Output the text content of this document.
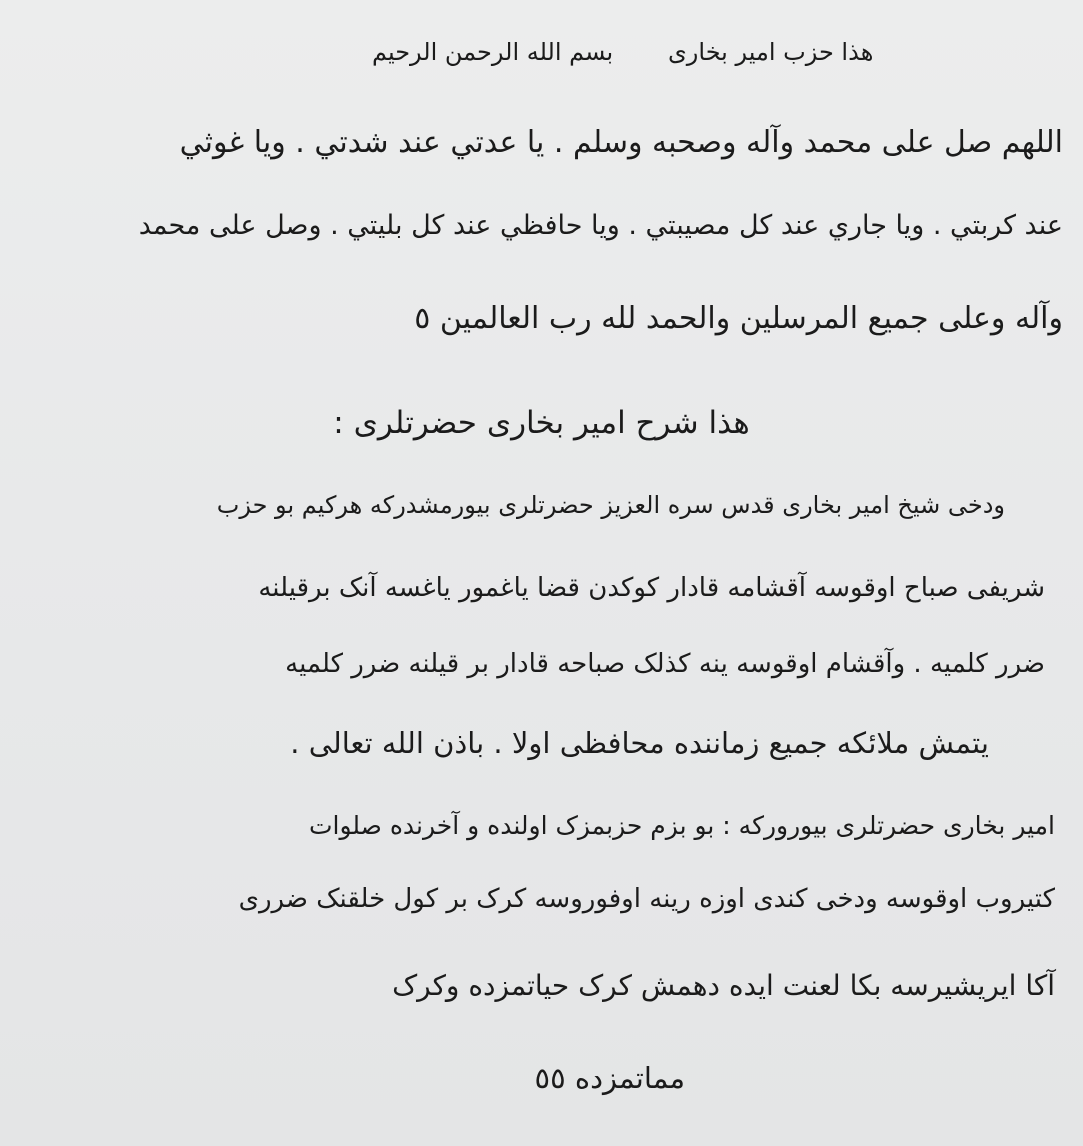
بسم الله الرحمن الرحيم هذا حزب امیر بخاری
اللهم صل على محمد وآله وصحبه وسلم . يا عدتي عند شدتي . ويا غوثي
عند كربتي . ويا جاري عند كل مصيبتي . ويا حافظي عند كل بليتي . وصل على محمد
وآله وعلى جميع المرسلين والحمد لله رب العالمين ٥
هذا شرح امیر بخاری حضرتلری :
ودخی شیخ امیر بخاری قدس سره العزیز حضرتلری بیورمشدرکه هرکیم بو حزب
شریفی صباح اوقوسه آقشامه قادار کوکدن قضا یاغمور یاغسه آنک برقیلنه
ضرر کلمیه . وآقشام اوقوسه ینه کذلک صباحه قادار بر قیلنه ضرر کلمیه
یتمش ملائکه جمیع زماننده محافظی اولا . باذن الله تعالی .
امیر بخاری حضرتلری بیورورکه : بو بزم حزبمزک اولنده و آخرنده صلوات
کتیروب اوقوسه ودخی کندی اوزه رینه اوفوروسه کرک بر کول خلقنک ضرری
آکا ایریشیرسه بکا لعنت ایده دهمش کرک حیاتمزده وکرک
مماتمزده ٥٥
